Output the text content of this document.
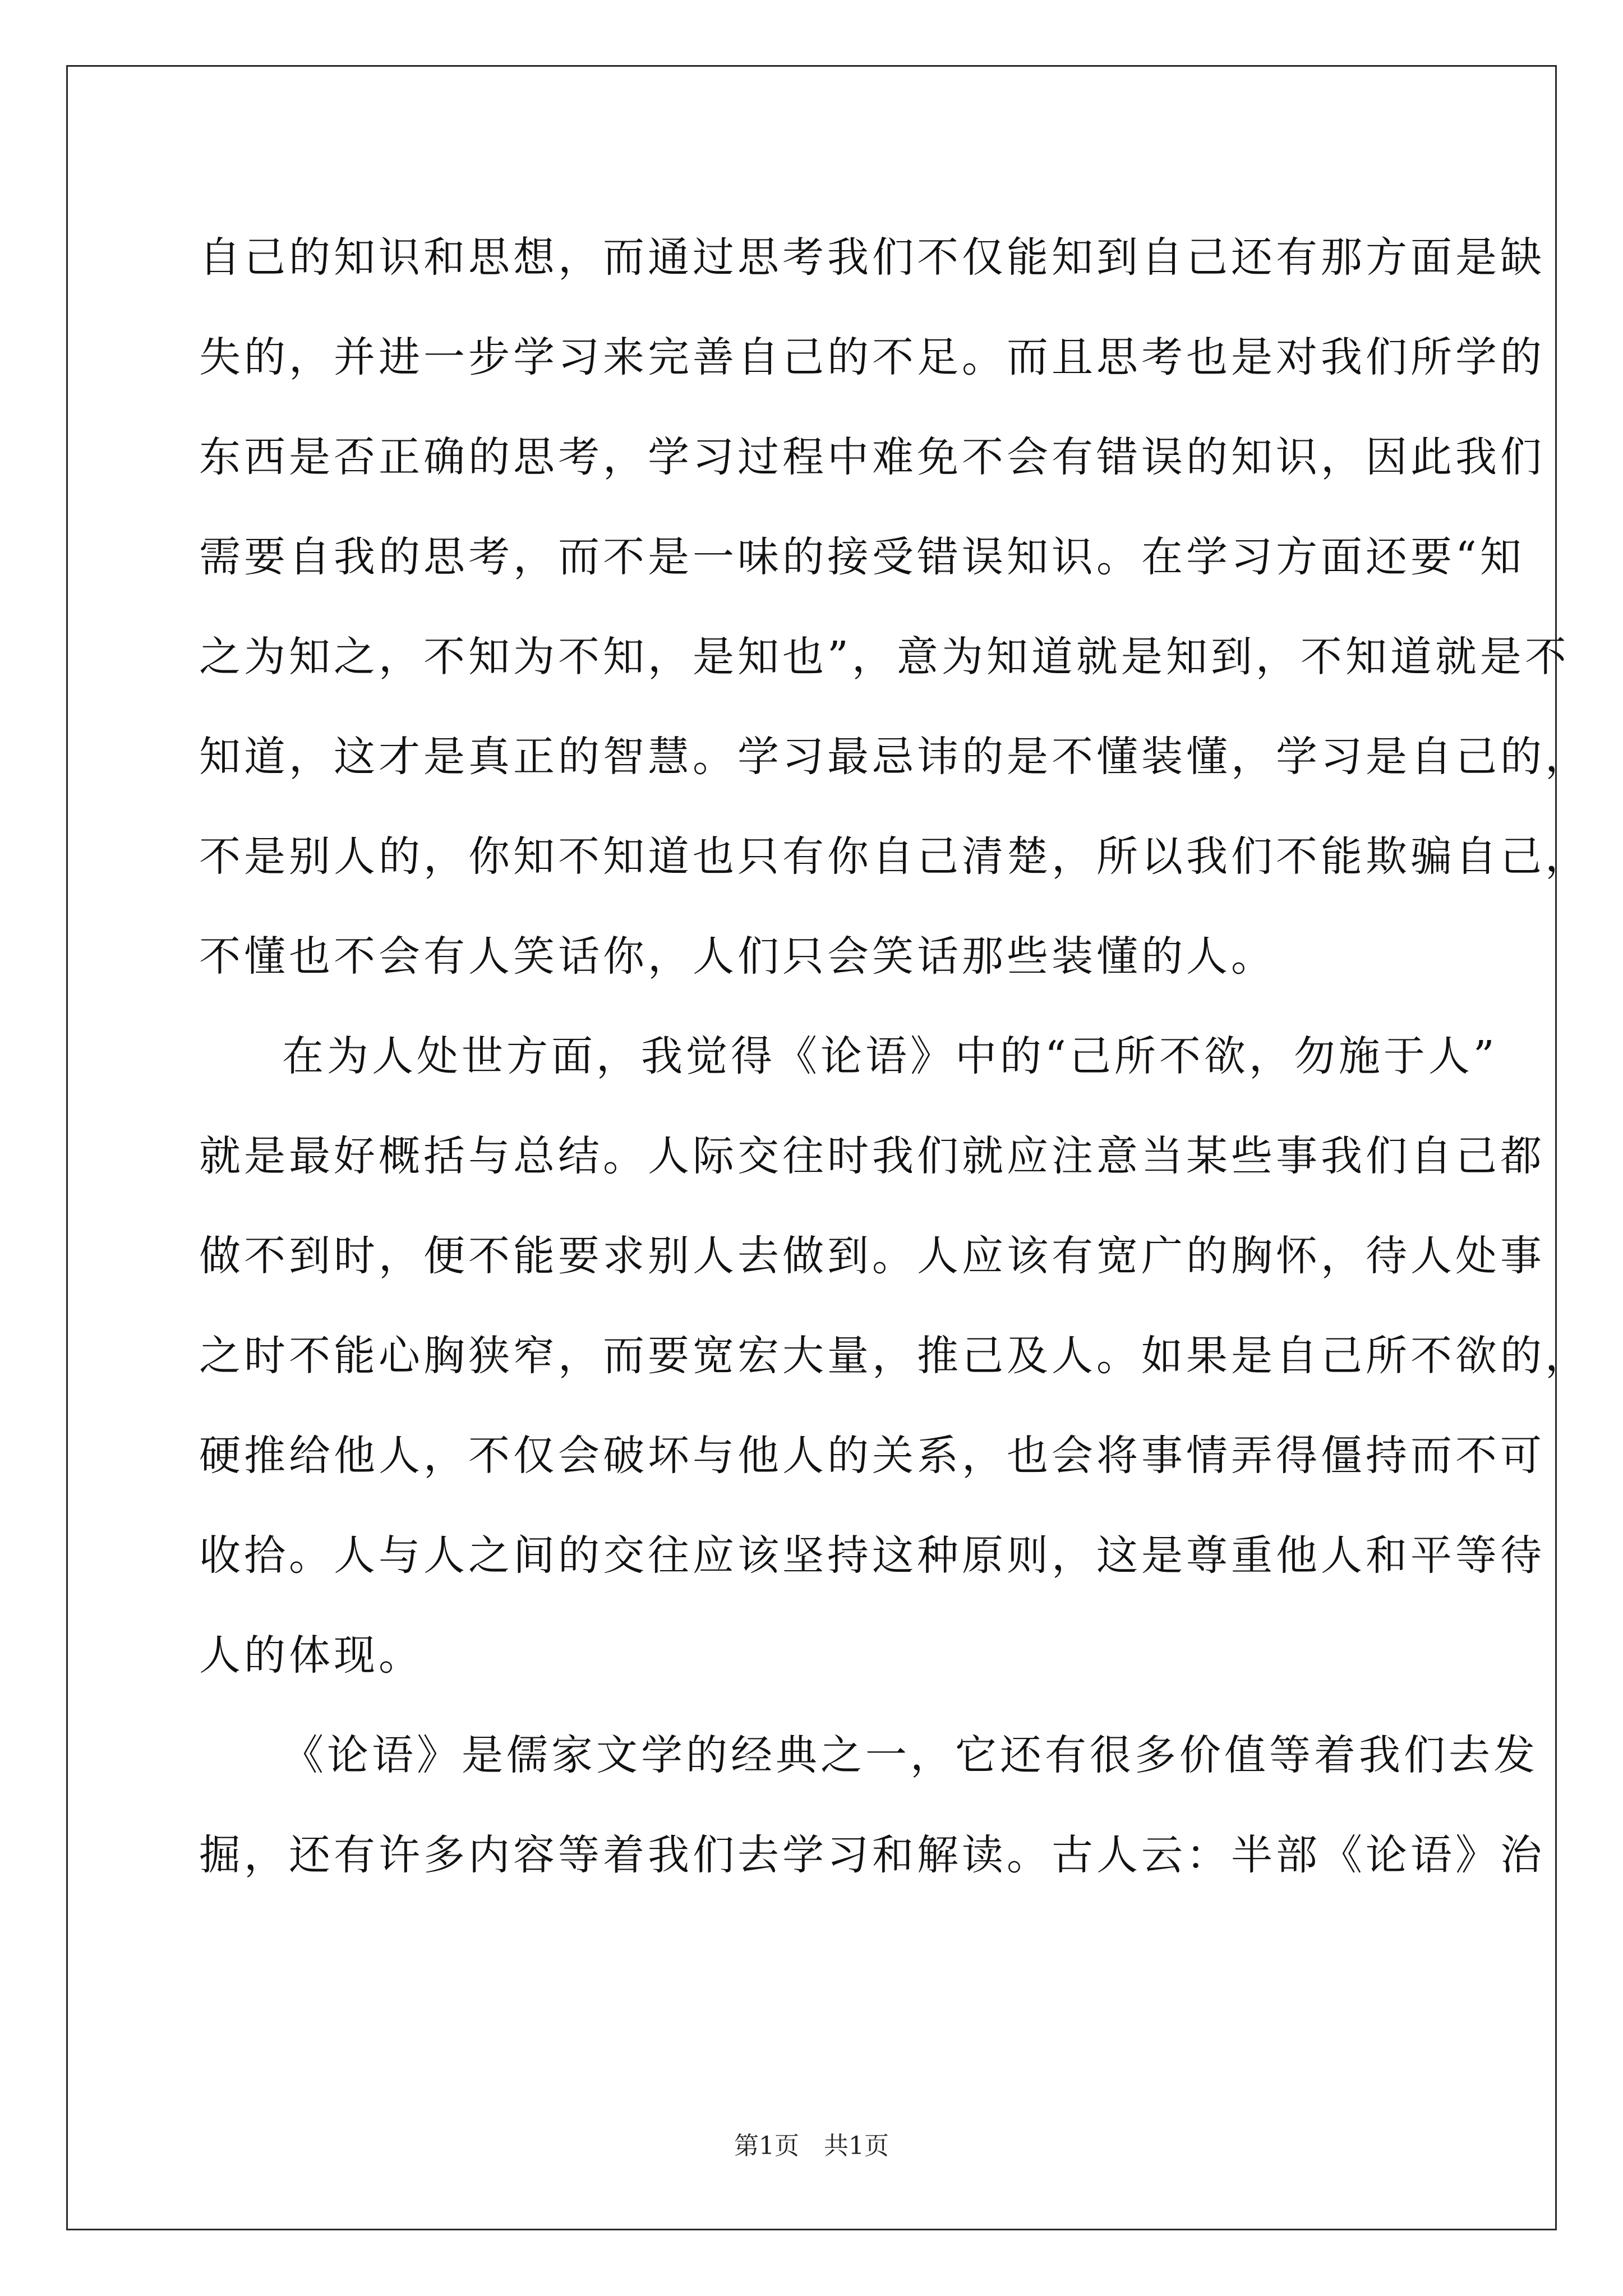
自己的知识和思想，而通过思考我们不仅能知到自己还有那方面是缺
失的，并进一步学习来完善自己的不足。而且思考也是对我们所学的
东西是否正确的思考，学习过程中难免不会有错误的知识，因此我们
需要自我的思考，而不是一味的接受错误知识。在学习方面还要“知
之为知之，不知为不知，是知也”，意为知道就是知到，不知道就是不
知道，这才是真正的智慧。学习最忌讳的是不懂装懂，学习是自己的，
不是别人的，你知不知道也只有你自己清楚，所以我们不能欺骗自己，
不懂也不会有人笑话你，人们只会笑话那些装懂的人。
在为人处世方面，我觉得《论语》中的“己所不欲，勿施于人”
就是最好概括与总结。人际交往时我们就应注意当某些事我们自己都
做不到时，便不能要求别人去做到。人应该有宽广的胸怀，待人处事
之时不能心胸狭窄，而要宽宏大量，推己及人。如果是自己所不欲的，
硬推给他人，不仅会破坏与他人的关系，也会将事情弄得僵持而不可
收拾。人与人之间的交往应该坚持这种原则，这是尊重他人和平等待
人的体现。
《论语》是儒家文学的经典之一，它还有很多价值等着我们去发
掘，还有许多内容等着我们去学习和解读。古人云：半部《论语》治
第1页　共1页
